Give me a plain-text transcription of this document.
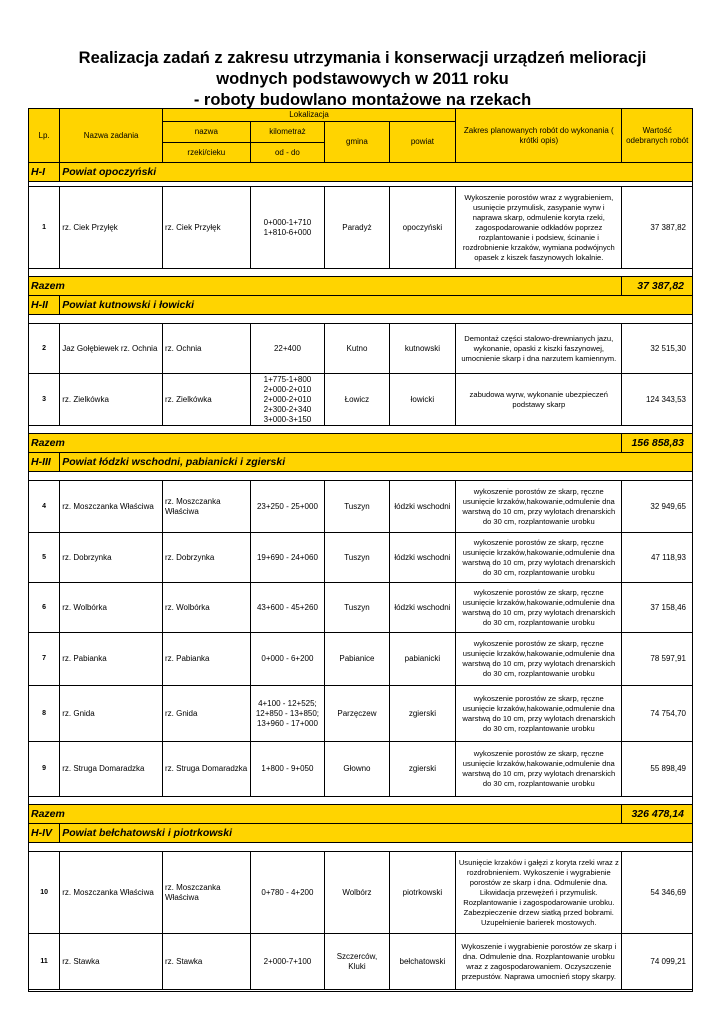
Realizacja zadań z zakresu utrzymania i konserwacji urządzeń melioracji
wodnych podstawowych w 2011 roku
- roboty budowlano montażowe na rzekach
Lp.	Nazwa zadania	Lokalizacja				Zakres planowanych robót do wykonania ( krótki opis)	Wartość odebranych robót
		nazwa	kilometraż	gmina	powiat		
		rzeki/cieku	od - do				
H-I	Powiat opoczyński						

1	rz. Ciek Przyłęk	rz. Ciek Przyłęk	0+000-1+710 1+810-6+000	Paradyż	opoczyński	Wykoszenie porostów wraz z wygrabieniem, usunięcie przymulisk, zasypanie wyrw i naprawa skarp, odmulenie koryta rzeki, zagospodarowanie odkładów poprzez rozplantowanie i podsiew, ścinanie i rozdrobnienie krzaków, wymiana podwójnych opasek z kiszek faszynowych lokalnie.	37 387,82

Razem							37 387,82
H-II	Powiat kutnowski i łowicki						

2	Jaz Gołębiewek rz. Ochnia	rz. Ochnia	22+400	Kutno	kutnowski	Demontaż części stalowo-drewnianych jazu, wykonanie, opaski z kiszki faszynowej, umocnienie skarp i dna narzutem kamiennym.	32 515,30
3	rz. Zielkówka	rz. Zielkówka	1+775-1+800 2+000-2+010 2+000-2+010 2+300-2+340 3+000-3+150	Łowicz	łowicki	zabudowa wyrw, wykonanie ubezpieczeń podstawy skarp	124 343,53

Razem							156 858,83
H-III	Powiat łódzki wschodni, pabianicki i zgierski						

4	rz. Moszczanka Właściwa	rz. Moszczanka Właściwa	23+250 - 25+000	Tuszyn	łódzki wschodni	wykoszenie porostów ze skarp, ręczne usunięcie krzaków,hakowanie,odmulenie dna warstwą do 10 cm, przy wylotach drenarskich do 30 cm, rozplantowanie urobku	32 949,65
5	rz. Dobrzynka	rz. Dobrzynka	19+690 - 24+060	Tuszyn	łódzki wschodni	wykoszenie porostów ze skarp, ręczne usunięcie krzaków,hakowanie,odmulenie dna warstwą do 10 cm, przy wylotach drenarskich do 30 cm, rozplantowanie urobku	47 118,93
6	rz. Wolbórka	rz. Wolbórka	43+600 - 45+260	Tuszyn	łódzki wschodni	wykoszenie porostów ze skarp, ręczne usunięcie krzaków,hakowanie,odmulenie dna warstwą do 10 cm, przy wylotach drenarskich do 30 cm, rozplantowanie urobku	37 158,46
7	rz. Pabianka	rz. Pabianka	0+000 - 6+200	Pabianice	pabianicki	wykoszenie porostów ze skarp, ręczne usunięcie krzaków,hakowanie,odmulenie dna warstwą do 10 cm, przy wylotach drenarskich do 30 cm, rozplantowanie urobku	78 597,91
8	rz. Gnida	rz. Gnida	4+100 - 12+525; 12+850 - 13+850; 13+960 - 17+000	Parzęczew	zgierski	wykoszenie porostów ze skarp, ręczne usunięcie krzaków,hakowanie,odmulenie dna warstwą do 10 cm, przy wylotach drenarskich do 30 cm, rozplantowanie urobku	74 754,70
9	rz. Struga Domaradzka	rz. Struga Domaradzka	1+800 - 9+050	Głowno	zgierski	wykoszenie porostów ze skarp, ręczne usunięcie krzaków,hakowanie,odmulenie dna warstwą do 10 cm, przy wylotach drenarskich do 30 cm, rozplantowanie urobku	55 898,49

Razem							326 478,14
H-IV	Powiat bełchatowski i piotrkowski						

10	rz. Moszczanka Właściwa	rz. Moszczanka Właściwa	0+780 - 4+200	Wolbórz	piotrkowski	Usunięcie krzaków i gałęzi z koryta rzeki wraz z rozdrobnieniem. Wykoszenie i wygrabienie porostów ze skarp i dna. Odmulenie dna. Likwidacja przewężeń i przymulisk. Rozplantowanie i zagospodarowanie urobku. Zabezpieczenie drzew siatką przed bobrami. Uzupełnienie barierek mostowych.	54 346,69
11	rz. Stawka	rz. Stawka	2+000-7+100	Szczerców, Kluki	bełchatowski	Wykoszenie i wygrabienie porostów ze skarp i dna. Odmulenie dna. Rozplantowanie urobku wraz z zagospodarowaniem. Oczyszczenie przepustów. Naprawa umocnień stopy skarpy.	74 099,21
